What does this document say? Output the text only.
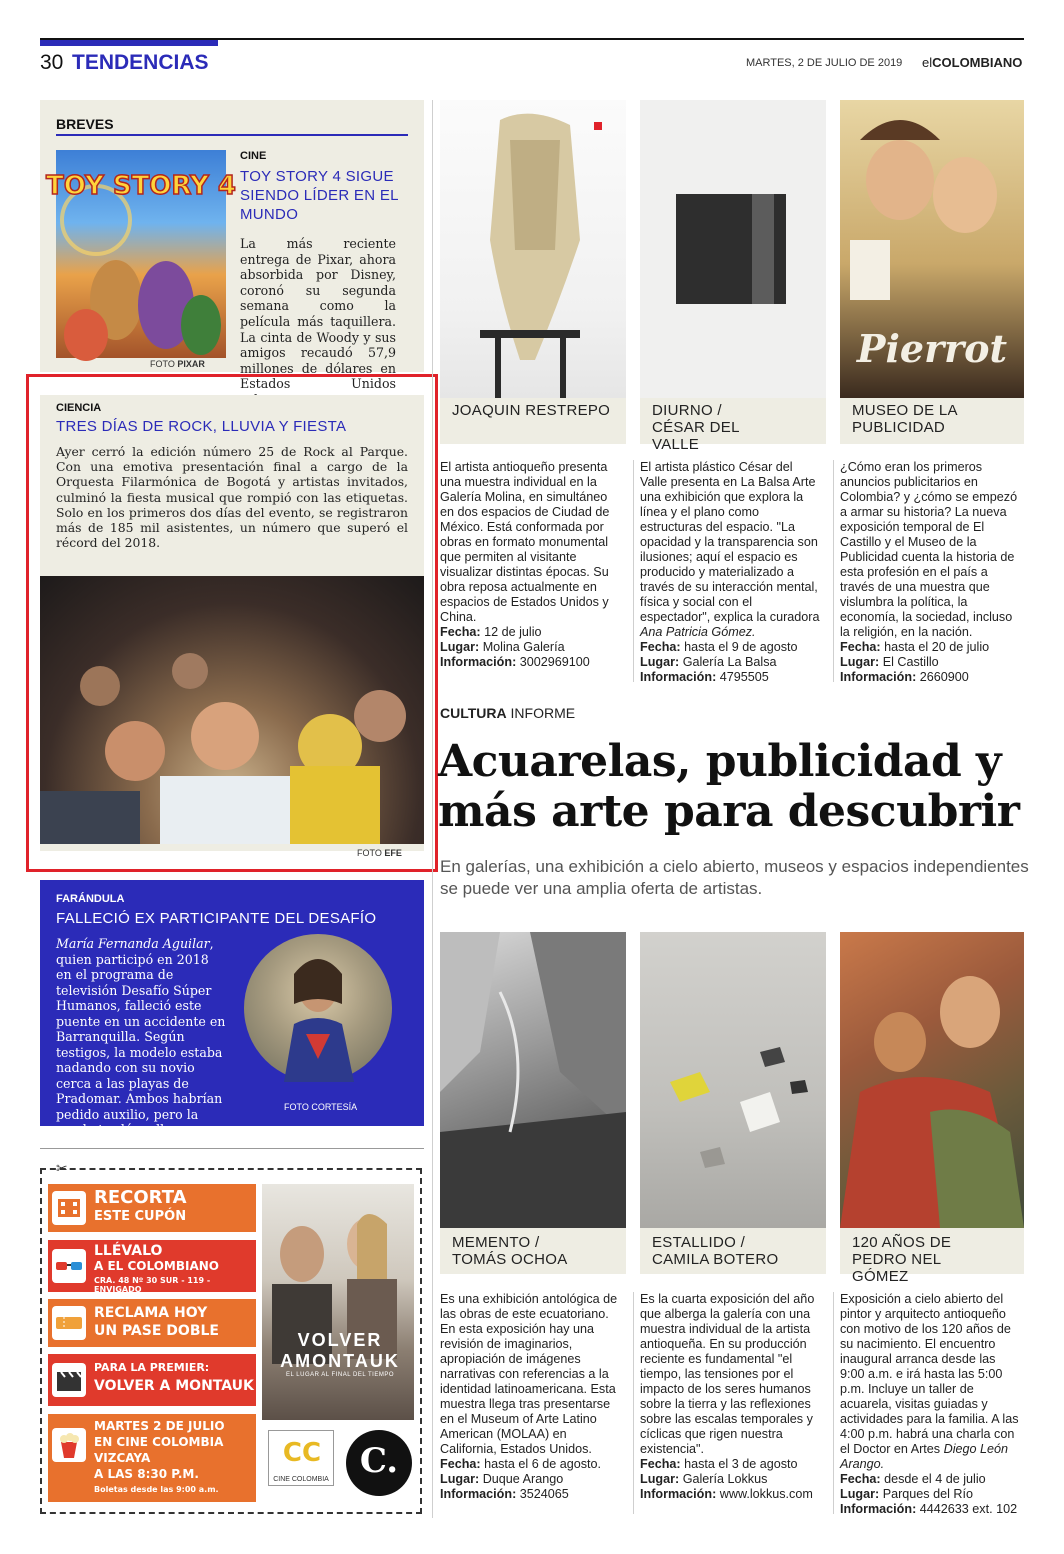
30 TENDENCIAS	MARTES, 2 DE JULIO DE 2019 elCOLOMBIANO
BREVES
TOY STORY 4
FOTO PIXAR
CINE
TOY STORY 4 SIGUE SIENDO LÍDER EN EL MUNDO
La más reciente entrega de Pixar, ahora absorbida por Disney, coronó su segunda semana como la película más taquillera. La cinta de Woody y sus amigos recaudó 57,9 millones de dólares en Estados Unidos
CIENCIA
TRES DÍAS DE ROCK, LLUVIA Y FIESTA
Ayer cerró la edición número 25 de Rock al Parque. Con una emotiva presentación final a cargo de la Orquesta Filarmónica de Bogotá y artistas invitados, culminó la fiesta musical que rompió con las etiquetas. Solo en los primeros dos días del evento, se registraron más de 185 mil asistentes, un número que superó el récord del 2018.
FOTO EFE
FARÁNDULA
FALLECIÓ EX PARTICIPANTE DEL DESAFÍO
María Fernanda Aguilar, quien participó en 2018 en el programa de televisión Desafío Súper Humanos, falleció este puente en un accidente en Barranquilla. Según testigos, la modelo estaba nadando con su novio cerca a las playas de Pradomar. Ambos habrían pedido auxilio, pero la ayuda tardó en llegar.
FOTO CORTESÍA
✂
RECORTA
ESTE CUPÓN
LLÉVALO
A EL COLOMBIANO
CRA. 48 Nº 30 SUR - 119 - ENVIGADO
RECLAMA HOY
UN PASE DOBLE
PARA LA PREMIER:
VOLVER A MONTAUK
MARTES 2 DE JULIO
EN CINE COLOMBIA
VIZCAYA
A LAS 8:30 P.M.
Boletas desde las 9:00 a.m.
VOLVER
AMONTAUK
EL LUGAR AL FINAL DEL TIEMPO
CC
CINE COLOMBIA C.
Pierrot
JOAQUIN RESTREPO	DIURNO / CÉSAR DEL VALLE
MUSEO DE LA PUBLICIDAD
El artista antioqueño presenta una muestra individual en la Galería Molina, en simultáneo en dos espacios de Ciudad de México. Está conformada por obras en formato monumental que permiten al visitante visualizar distintas épocas. Su obra reposa actualmente en espacios de Estados Unidos y China.
Fecha: 12 de julio
Lugar: Molina Galería
Información: 3002969100
El artista plástico César del Valle presenta en La Balsa Arte una exhibición que explora la línea y el plano como estructuras del espacio. "La opacidad y la transparencia son ilusiones; aquí el espacio es producido y materializado a través de su interacción mental, física y social con el espectador", explica la curadora Ana Patricia Gómez.
Fecha: hasta el 9 de agosto
Lugar: Galería La Balsa
Información: 4795505
¿Cómo eran los primeros anuncios publicitarios en Colombia? y ¿cómo se empezó a armar su historia? La nueva exposición temporal de El Castillo y el Museo de la Publicidad cuenta la historia de esta profesión en el país a través de una muestra que vislumbra la política, la economía, la sociedad, incluso la religión, en la nación.
Fecha: hasta el 20 de julio
Lugar: El Castillo
Información: 2660900
CULTURA INFORME
Acuarelas, publicidad y más arte para descubrir
En galerías, una exhibición a cielo abierto, museos y espacios independientes se puede ver una amplia oferta de artistas.
MEMENTO / TOMÁS OCHOA
ESTALLIDO / CAMILA BOTERO
120 AÑOS DE PEDRO NEL GÓMEZ
Es una exhibición antológica de las obras de este ecuatoriano. En esta exposición hay una revisión de imaginarios, apropiación de imágenes narrativas con referencias a la identidad latinoamericana. Esta muestra llega tras presentarse en el Museum of Arte Latino American (MOLAA) en California, Estados Unidos.
Fecha: hasta el 6 de agosto.
Lugar: Duque Arango
Información: 3524065
Es la cuarta exposición del año que alberga la galería con una muestra individual de la artista antioqueña. En su producción reciente es fundamental "el tiempo, las tensiones por el impacto de los seres humanos sobre la tierra y las reflexiones sobre las escalas temporales y cíclicas que rigen nuestra existencia".
Fecha: hasta el 3 de agosto
Lugar: Galería Lokkus
Información: www.lokkus.com
Exposición a cielo abierto del pintor y arquitecto antioqueño con motivo de los 120 años de su nacimiento. El encuentro inaugural arranca desde las 9:00 a.m. e irá hasta las 5:00 p.m. Incluye un taller de acuarela, visitas guiadas y actividades para la familia. A las 4:00 p.m. habrá una charla con el Doctor en Artes Diego León Arango.
Fecha: desde el 4 de julio
Lugar: Parques del Río
Información: 4442633 ext. 102
